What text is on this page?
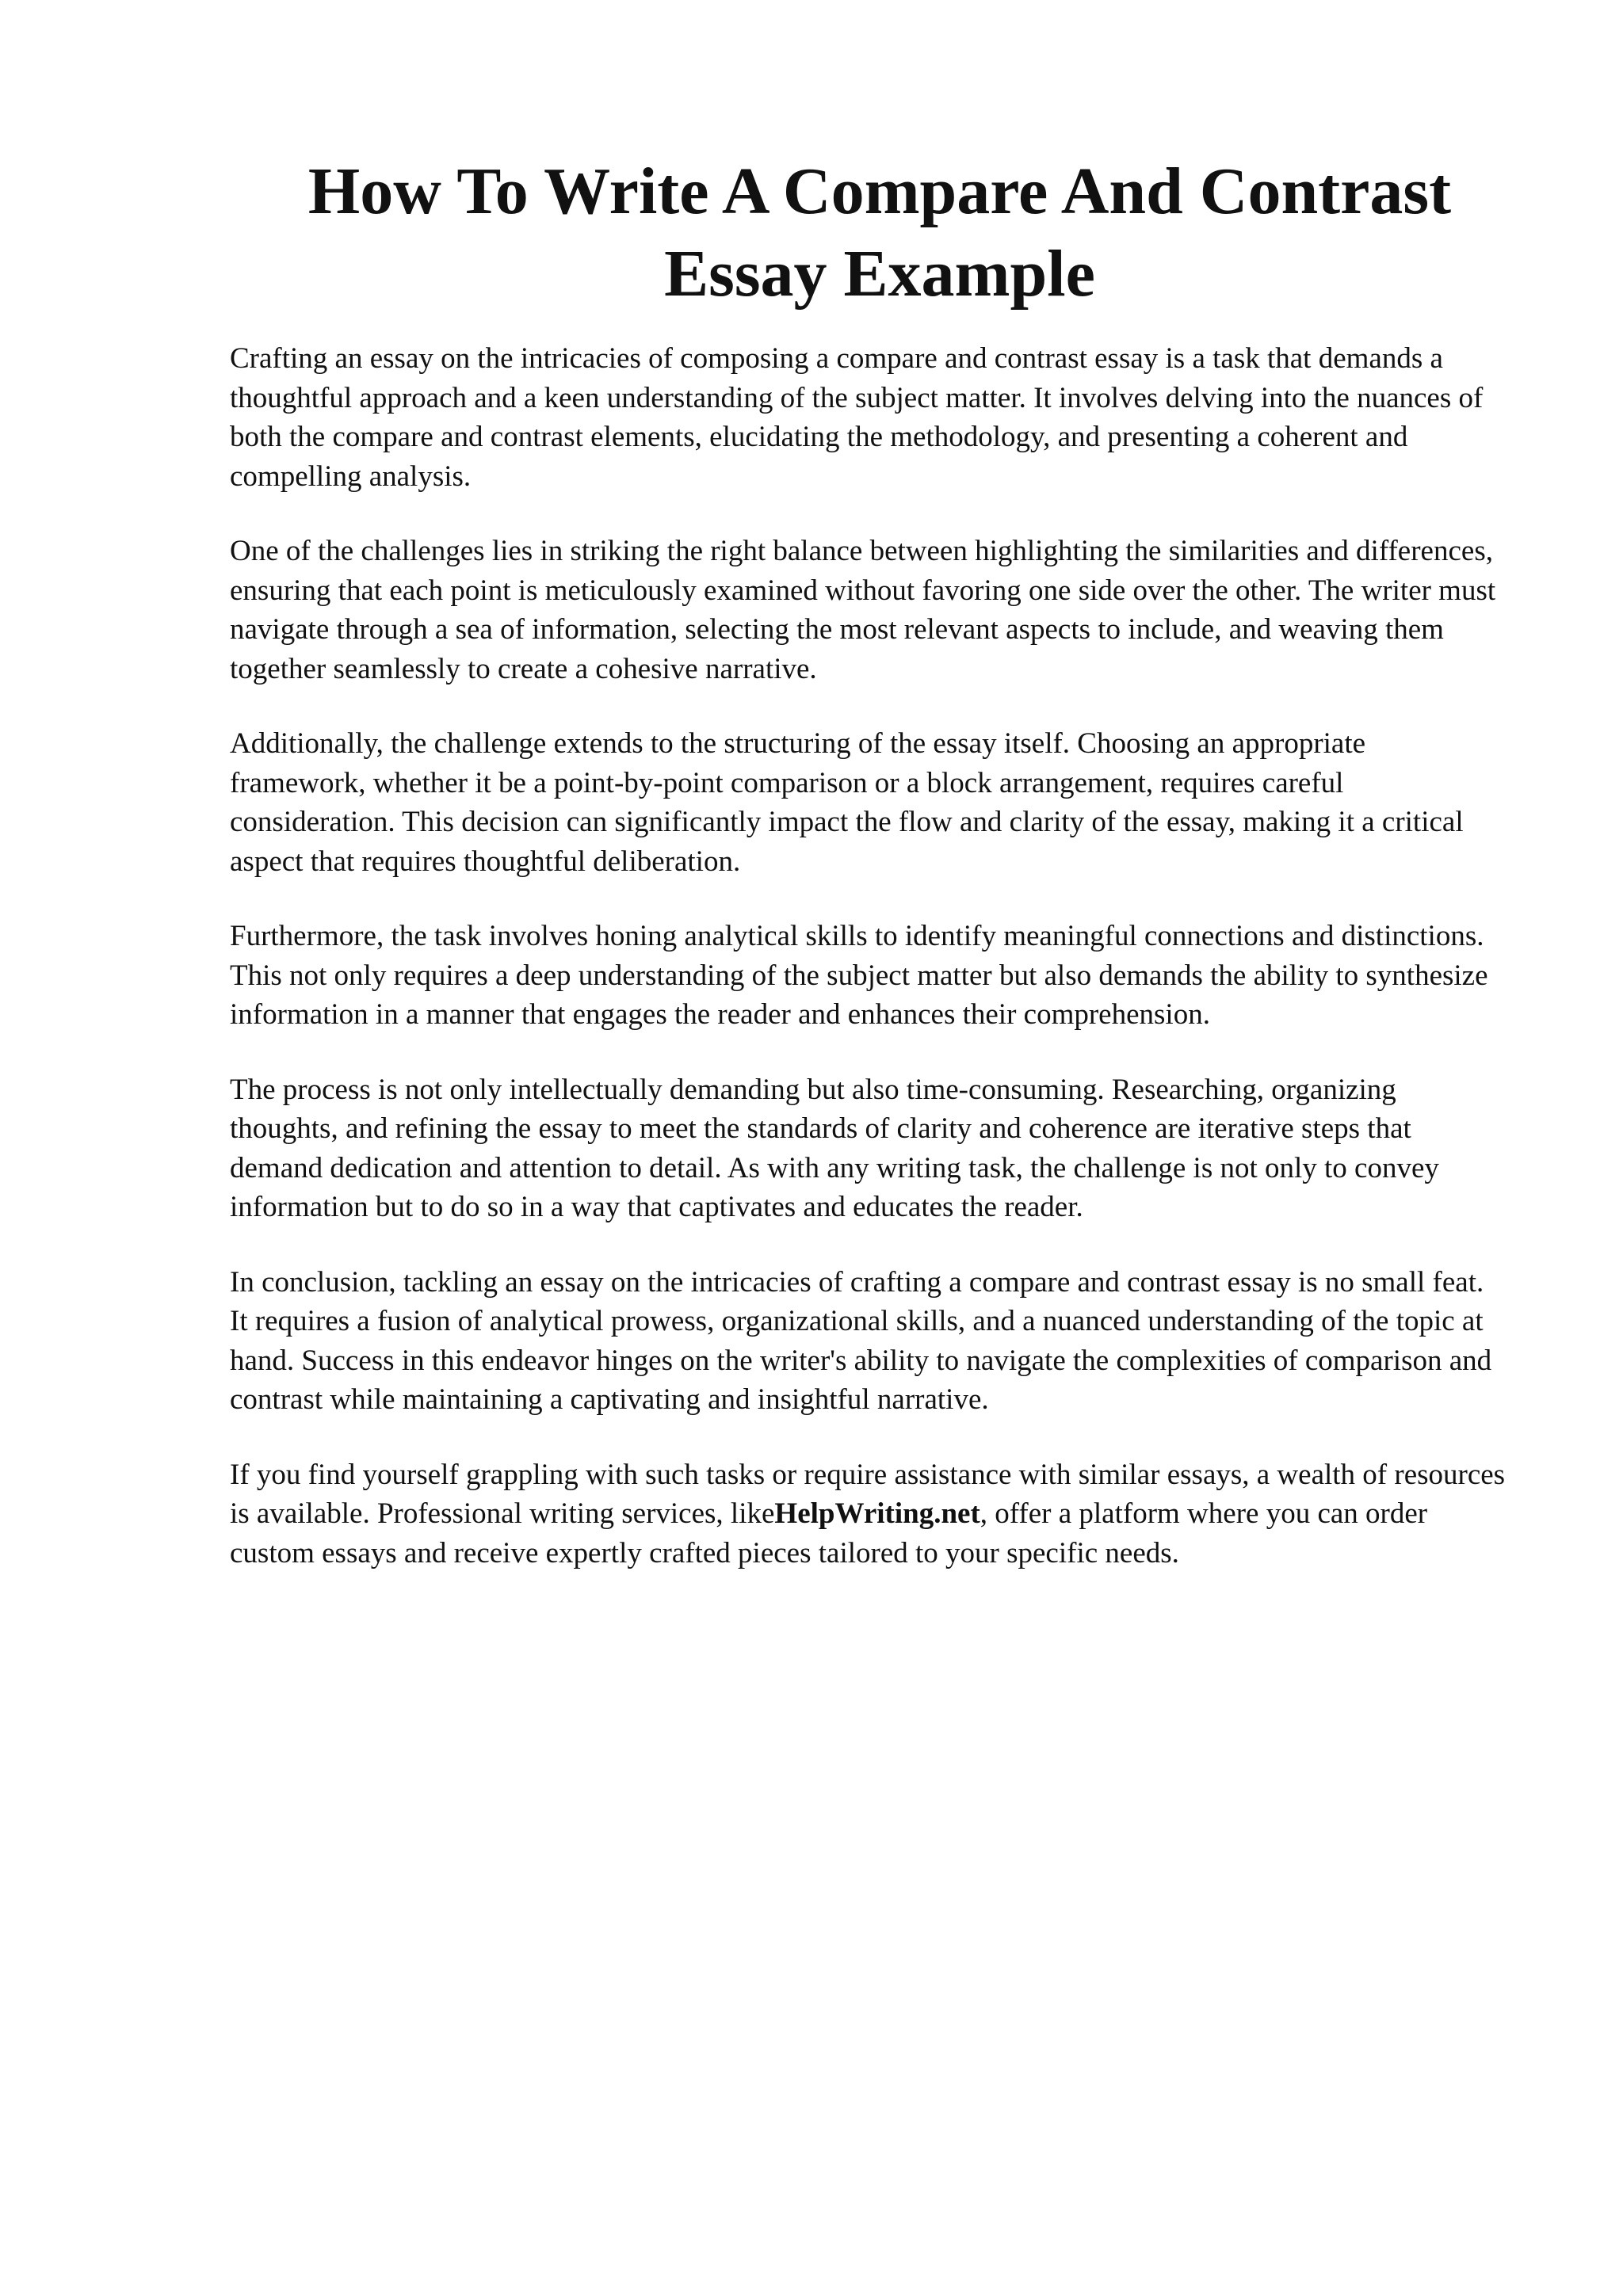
How To Write A Compare And Contrast Essay Example

Crafting an essay on the intricacies of composing a compare and contrast essay is a task that demands a thoughtful approach and a keen understanding of the subject matter. It involves delving into the nuances of both the compare and contrast elements, elucidating the methodology, and presenting a coherent and compelling analysis.

One of the challenges lies in striking the right balance between highlighting the similarities and differences, ensuring that each point is meticulously examined without favoring one side over the other. The writer must navigate through a sea of information, selecting the most relevant aspects to include, and weaving them together seamlessly to create a cohesive narrative.

Additionally, the challenge extends to the structuring of the essay itself. Choosing an appropriate framework, whether it be a point-by-point comparison or a block arrangement, requires careful consideration. This decision can significantly impact the flow and clarity of the essay, making it a critical aspect that requires thoughtful deliberation.

Furthermore, the task involves honing analytical skills to identify meaningful connections and distinctions. This not only requires a deep understanding of the subject matter but also demands the ability to synthesize information in a manner that engages the reader and enhances their comprehension.

The process is not only intellectually demanding but also time-consuming. Researching, organizing thoughts, and refining the essay to meet the standards of clarity and coherence are iterative steps that demand dedication and attention to detail. As with any writing task, the challenge is not only to convey information but to do so in a way that captivates and educates the reader.

In conclusion, tackling an essay on the intricacies of crafting a compare and contrast essay is no small feat. It requires a fusion of analytical prowess, organizational skills, and a nuanced understanding of the topic at hand. Success in this endeavor hinges on the writer's ability to navigate the complexities of comparison and contrast while maintaining a captivating and insightful narrative.

If you find yourself grappling with such tasks or require assistance with similar essays, a wealth of resources is available. Professional writing services, likeHelpWriting.net, offer a platform where you can order custom essays and receive expertly crafted pieces tailored to your specific needs.
